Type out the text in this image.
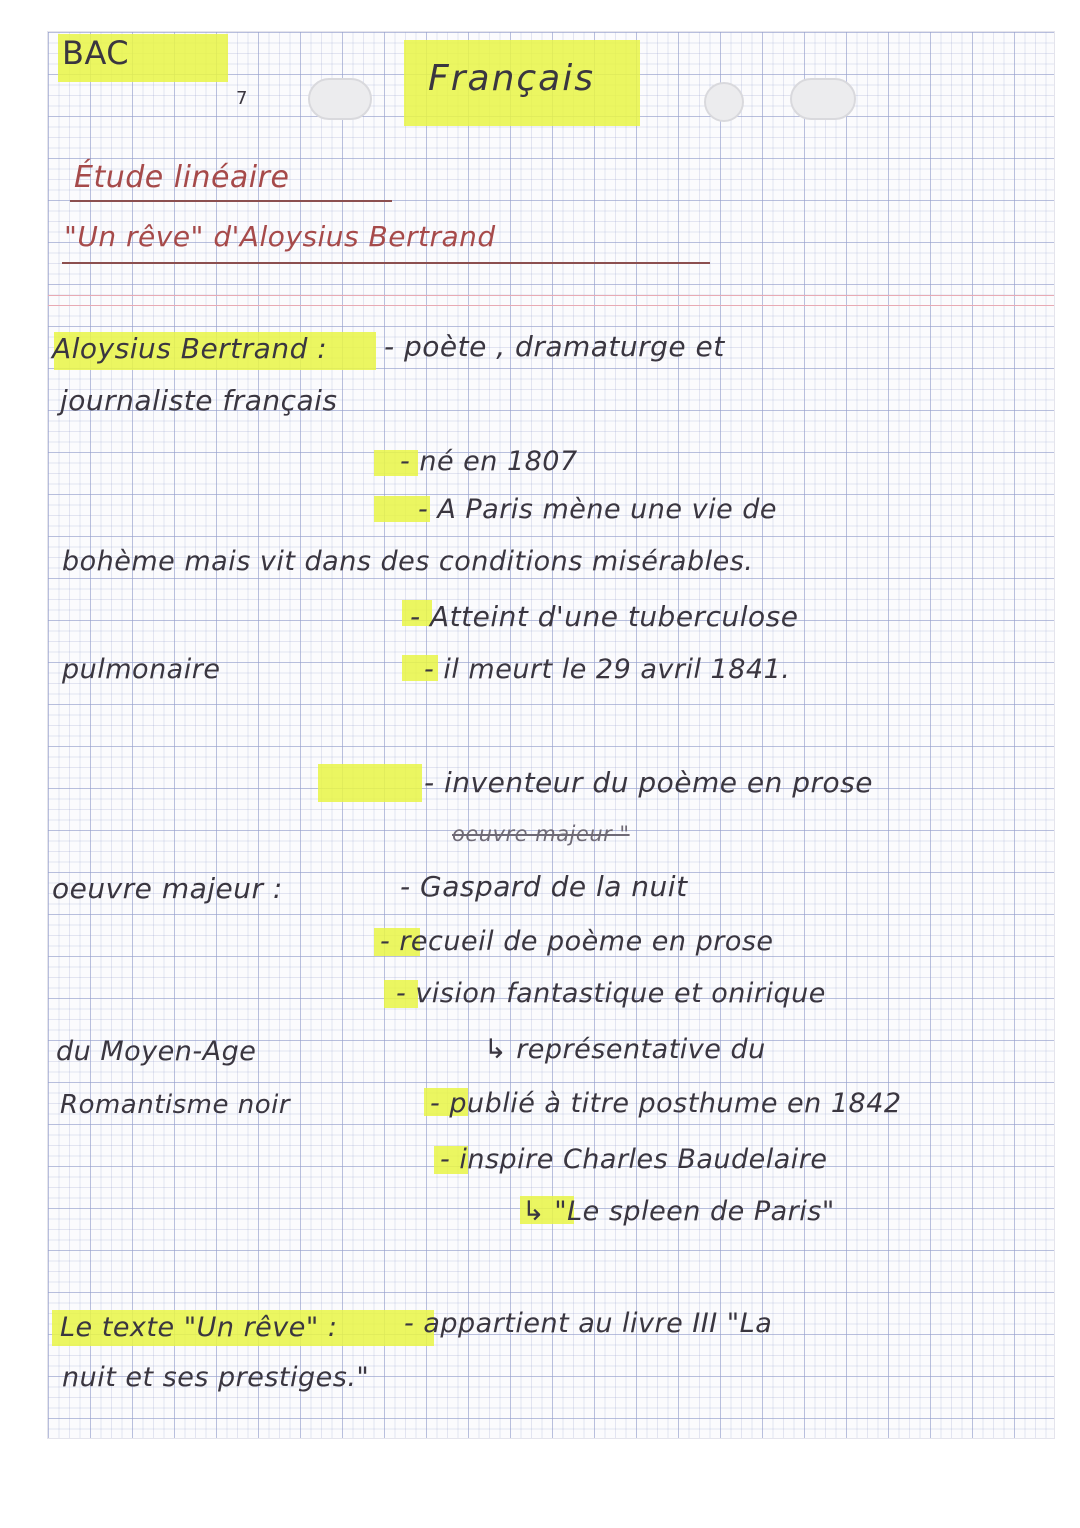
BAC
7	Français
Étude linéaire
"Un rêve" d'Aloysius Bertrand
Aloysius Bertrand : - poète , dramaturge et
journaliste français
- né en 1807
- A Paris mène une vie de
bohème mais vit dans des conditions misérables.
- Atteint d'une tuberculose
pulmonaire	- il meurt le 29 avril 1841.
- inventeur du poème en prose
oeuvre majeur "
oeuvre majeur :	- Gaspard de la nuit
- recueil de poème en prose
- vision fantastique et onirique
du Moyen-Age	↳ représentative du
Romantisme noir	- publié à titre posthume en 1842
- inspire Charles Baudelaire
↳ "Le spleen de Paris"
Le texte "Un rêve" : - appartient au livre III "La
nuit et ses prestiges."
